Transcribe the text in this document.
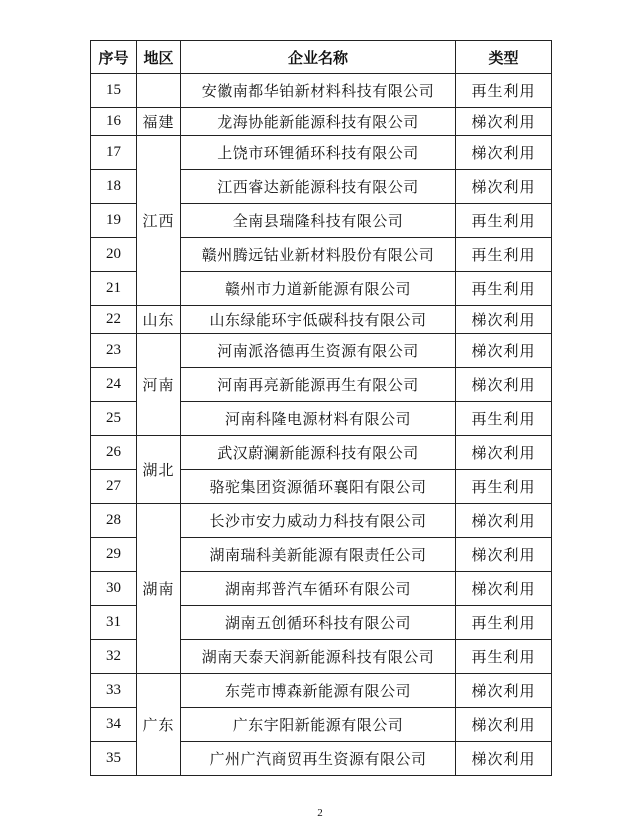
序号	地区	企业名称	类型
15		安徽南都华铂新材料科技有限公司	再生利用
16	福建	龙海协能新能源科技有限公司	梯次利用
17	江西	上饶市环锂循环科技有限公司	梯次利用
18		江西睿达新能源科技有限公司	梯次利用
19		全南县瑞隆科技有限公司	再生利用
20		赣州腾远钴业新材料股份有限公司	再生利用
21		赣州市力道新能源有限公司	再生利用
22	山东	山东绿能环宇低碳科技有限公司	梯次利用
23	河南	河南派洛德再生资源有限公司	梯次利用
24		河南再亮新能源再生有限公司	梯次利用
25		河南科隆电源材料有限公司	再生利用
26	湖北	武汉蔚澜新能源科技有限公司	梯次利用
27		骆驼集团资源循环襄阳有限公司	再生利用
28	湖南	长沙市安力威动力科技有限公司	梯次利用
29		湖南瑞科美新能源有限责任公司	梯次利用
30		湖南邦普汽车循环有限公司	梯次利用
31		湖南五创循环科技有限公司	再生利用
32		湖南天泰天润新能源科技有限公司	再生利用
33	广东	东莞市博森新能源有限公司	梯次利用
34		广东宇阳新能源有限公司	梯次利用
35		广州广汽商贸再生资源有限公司	梯次利用
2
